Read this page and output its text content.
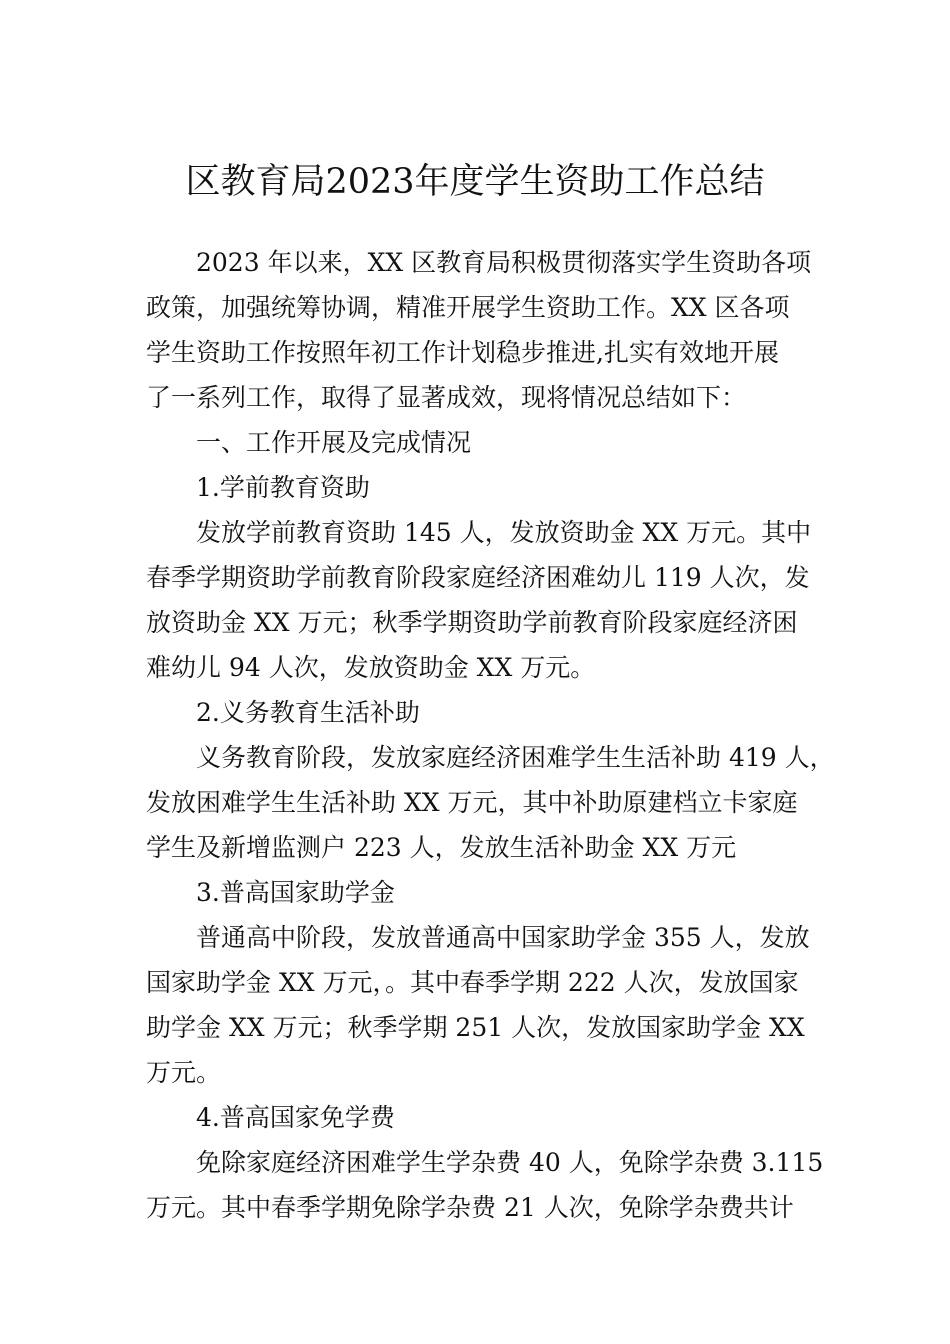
区教育局2023年度学生资助工作总结
2023 年以来，XX 区教育局积极贯彻落实学生资助各项
政策，加强统筹协调，精准开展学生资助工作。XX 区各项
学生资助工作按照年初工作计划稳步推进,扎实有效地开展
了一系列工作，取得了显著成效，现将情况总结如下：
一、工作开展及完成情况
1.学前教育资助
发放学前教育资助 145 人，发放资助金 XX 万元。其中
春季学期资助学前教育阶段家庭经济困难幼儿 119 人次，发
放资助金 XX 万元；秋季学期资助学前教育阶段家庭经济困
难幼儿 94 人次，发放资助金 XX 万元。
2.义务教育生活补助
义务教育阶段，发放家庭经济困难学生生活补助 419 人，
发放困难学生生活补助 XX 万元，其中补助原建档立卡家庭
学生及新增监测户 223 人，发放生活补助金 XX 万元
3.普高国家助学金
普通高中阶段，发放普通高中国家助学金 355 人，发放
国家助学金 XX 万元，。其中春季学期 222 人次，发放国家
助学金 XX 万元；秋季学期 251 人次，发放国家助学金 XX
万元。
4.普高国家免学费
免除家庭经济困难学生学杂费 40 人，免除学杂费 3.115
万元。其中春季学期免除学杂费 21 人次，免除学杂费共计
